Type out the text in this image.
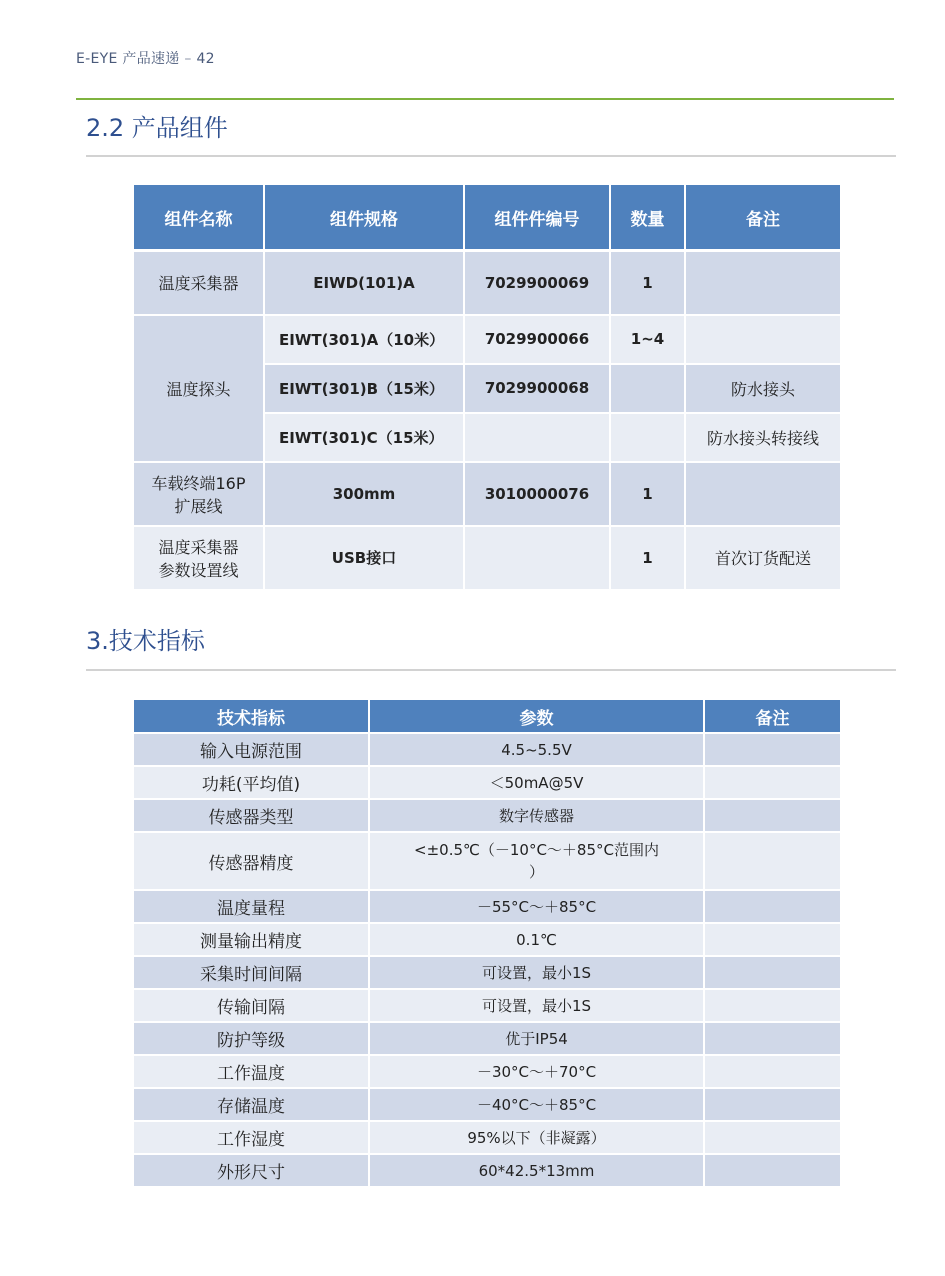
E-EYE 产品速递 – 42
2.2 产品组件
组件名称	组件规格	组件件编号	数量	备注
温度采集器	EIWD(101)A	7029900069	1	
温度探头	EIWT(301)A（10米）	7029900066	1~4	
	EIWT(301)B（15米）	7029900068		防水接头
	EIWT(301)C（15米）			防水接头转接线

车载终端16P
扩展线	300mm	3010000076	1	

温度采集器
参数设置线	USB接口		1	首次订货配送
3.技术指标
技术指标	参数	备注
输入电源范围	4.5~5.5V	
功耗(平均值)	＜50mA@5V	
传感器类型	数字传感器	
传感器精度	<±0.5℃（－10°C～＋85°C范围内
）	

温度量程	－55°C～＋85°C	
测量输出精度	0.1℃	
采集时间间隔	可设置，最小1S	
传输间隔	可设置，最小1S	
防护等级	优于IP54	
工作温度	－30°C～＋70°C	
存储温度	－40°C～＋85°C	
工作湿度	95%以下（非凝露）	
外形尺寸	60*42.5*13mm	
